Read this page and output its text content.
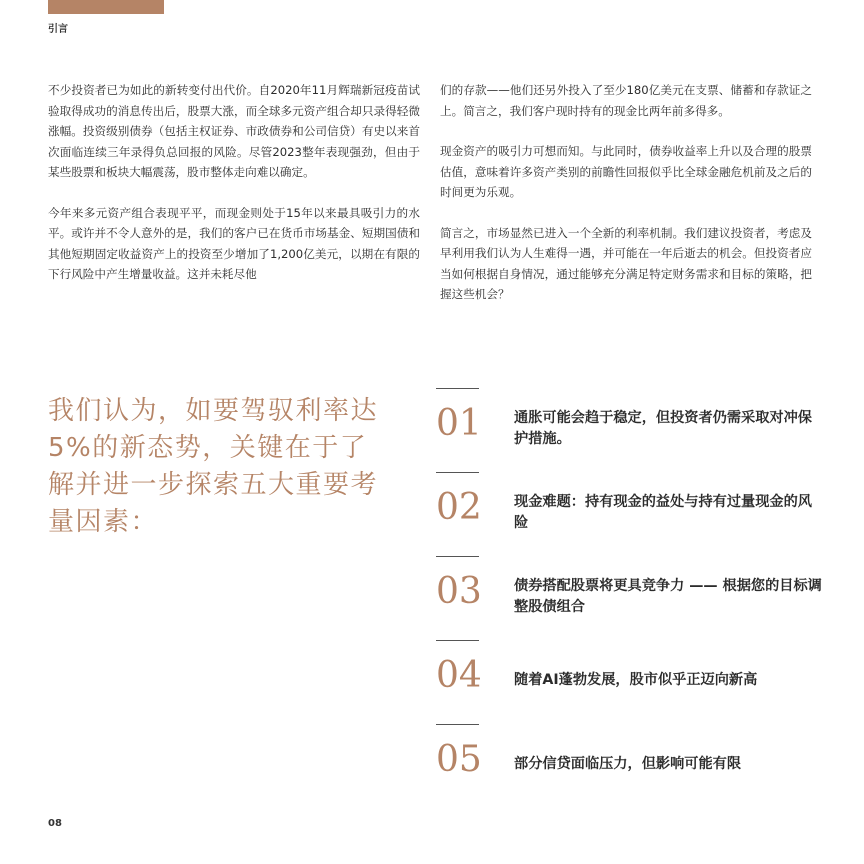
引言

不少投资者已为如此的新转变付出代价。自2020年11月辉瑞新冠疫苗试验取得成功的消息传出后，股票大涨，而全球多元资产组合却只录得轻微涨幅。投资级别债券（包括主权证券、市政债券和公司信贷）有史以来首次面临连续三年录得负总回报的风险。尽管2023整年表现强劲，但由于某些股票和板块大幅震荡，股市整体走向难以确定。

今年来多元资产组合表现平平，而现金则处于15年以来最具吸引力的水平。或许并不令人意外的是，我们的客户已在货币市场基金、短期国债和其他短期固定收益资产上的投资至少增加了1,200亿美元，以期在有限的下行风险中产生增量收益。这并未耗尽他

们的存款——他们还另外投入了至少180亿美元在支票、储蓄和存款证之上。简言之，我们客户现时持有的现金比两年前多得多。

现金资产的吸引力可想而知。与此同时，债券收益率上升以及合理的股票估值，意味着许多资产类别的前瞻性回报似乎比全球金融危机前及之后的时间更为乐观。

简言之，市场显然已进入一个全新的利率机制。我们建议投资者，考虑及早利用我们认为人生难得一遇，并可能在一年后逝去的机会。但投资者应当如何根据自身情况，通过能够充分满足特定财务需求和目标的策略，把握这些机会？

我们认为，如要驾驭利率达5%的新态势，关键在于了解并进一步探索五大重要考量因素：
01 通胀可能会趋于稳定，但投资者仍需采取对冲保护措施。
02 现金难题：持有现金的益处与持有过量现金的风险
03 债券搭配股票将更具竞争力 —— 根据您的目标调整股债组合
04 随着AI蓬勃发展，股市似乎正迈向新高
05 部分信贷面临压力，但影响可能有限
08
